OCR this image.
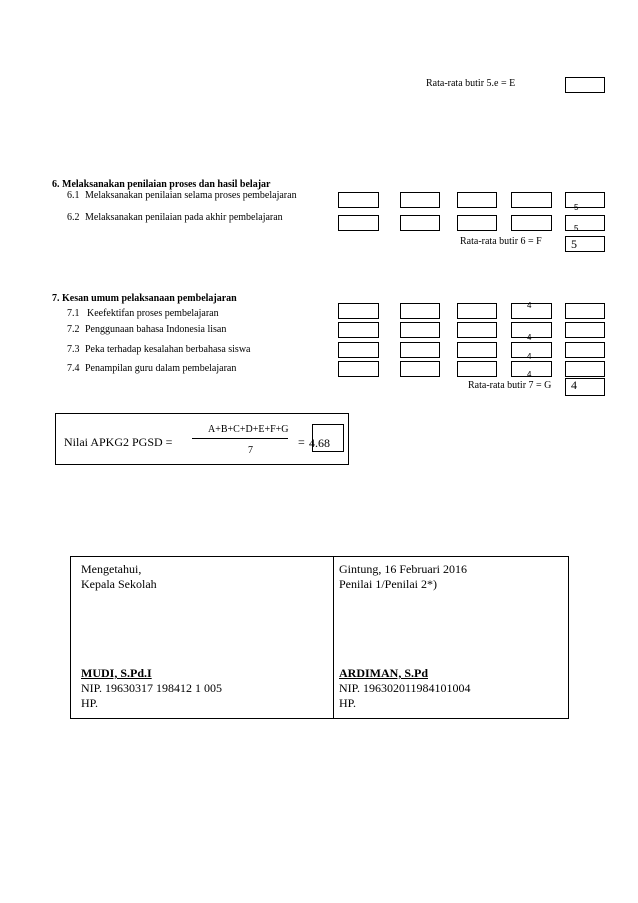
Rata-rata butir 5.e = E
6. Melaksanakan penilaian proses dan hasil belajar
6.1 Melaksanakan penilaian selama proses pembelajaran
5
6.2 Melaksanakan penilaian pada akhir pembelajaran
5
Rata-rata butir 6 = F 5
7. Kesan umum pelaksanaan pembelajaran
7.1 Keefektifan proses pembelajaran
4
7.2 Penggunaan bahasa Indonesia lisan
4
7.3 Peka terhadap kesalahan berbahasa siswa
4
7.4 Penampilan guru dalam pembelajaran
4
Rata-rata butir 7 = G 4
Nilai APKG2 PGSD =
A+B+C+D+E+F+G
7
= 4.68
Mengetahui,
Kepala Sekolah
MUDI, S.Pd.I
NIP. 19630317 198412 1 005
HP.
Gintung, 16 Februari 2016
Penilai 1/Penilai 2*)
ARDIMAN, S.Pd
NIP. 196302011984101004
HP.
